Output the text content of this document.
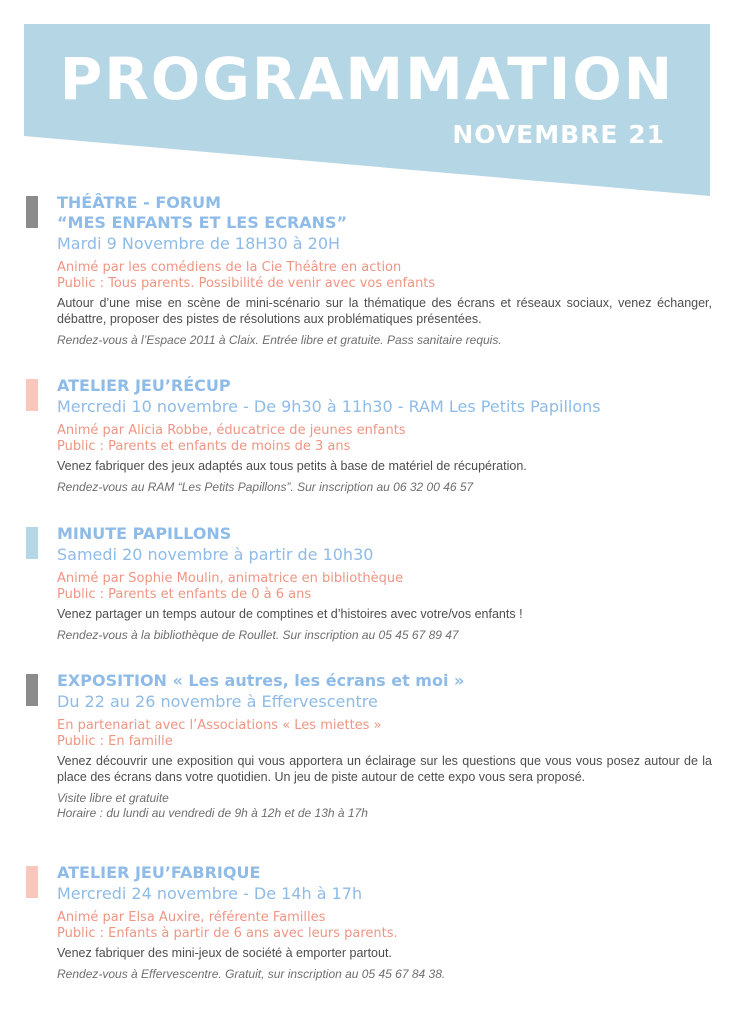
PROGRAMMATION
NOVEMBRE 21
THÉÂTRE - FORUM
“MES ENFANTS ET LES ECRANS”
Mardi 9 Novembre de 18H30 à 20H
Animé par les comédiens de la Cie Théâtre en action
Public : Tous parents. Possibilité de venir avec vos enfants
Autour d’une mise en scène de mini-scénario sur la thématique des écrans et réseaux sociaux, venez échanger, débattre, proposer des pistes de résolutions aux problématiques présentées.
Rendez-vous à l’Espace 2011 à Claix. Entrée libre et gratuite. Pass sanitaire requis.
ATELIER JEU’RÉCUP
Mercredi 10 novembre - De 9h30 à 11h30 - RAM Les Petits Papillons
Animé par Alicia Robbe, éducatrice de jeunes enfants
Public : Parents et enfants de moins de 3 ans
Venez fabriquer des jeux adaptés aux tous petits à base de matériel de récupération.
Rendez-vous au RAM “Les Petits Papillons”. Sur inscription au 06 32 00 46 57
MINUTE PAPILLONS
Samedi 20 novembre à partir de 10h30
Animé par Sophie Moulin, animatrice en bibliothèque
Public : Parents et enfants de 0 à 6 ans
Venez partager un temps autour de comptines et d’histoires avec votre/vos enfants !
Rendez-vous à la bibliothèque de Roullet. Sur inscription au 05 45 67 89 47
EXPOSITION « Les autres, les écrans et moi »
Du 22 au 26 novembre à Effervescentre
En partenariat avec l’Associations « Les miettes »
Public : En famille
Venez découvrir une exposition qui vous apportera un éclairage sur les questions que vous vous posez autour de la place des écrans dans votre quotidien. Un jeu de piste autour de cette expo vous sera proposé.
Visite libre et gratuite
Horaire : du lundi au vendredi de 9h à 12h et de 13h à 17h
ATELIER JEU’FABRIQUE
Mercredi 24 novembre - De 14h à 17h
Animé par Elsa Auxire, référente Familles
Public : Enfants à partir de 6 ans avec leurs parents.
Venez fabriquer des mini-jeux de société à emporter partout.
Rendez-vous à Effervescentre. Gratuit, sur inscription au 05 45 67 84 38.
